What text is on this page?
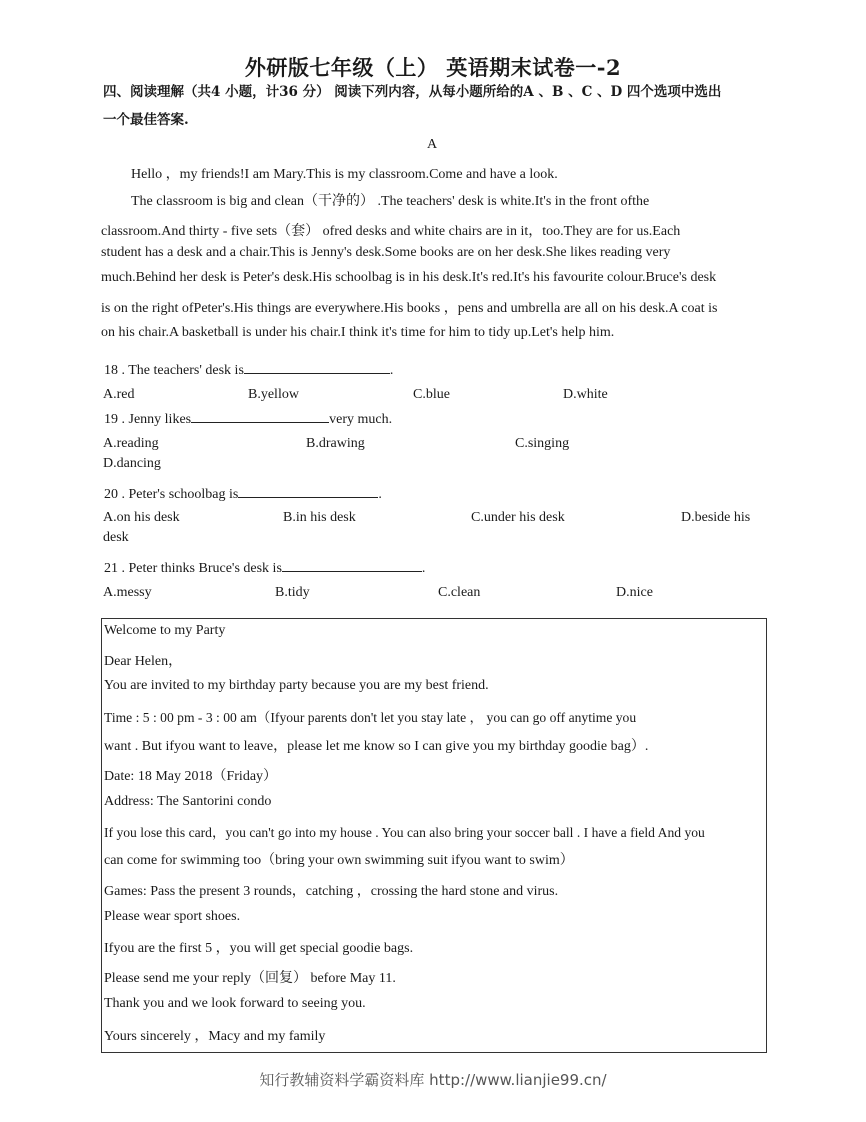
外研版七年级（上） 英语期末试卷一-2
四、阅读理解（共4 小题，计36 分） 阅读下列内容，从每小题所给的A 、B 、C 、D 四个选项中选出
一个最佳答案.
A
Hello ，my friends!I am Mary.This is my classroom.Come and have a look.
The classroom is big and clean（干净的） .The teachers' desk is white.It's in the front ofthe
classroom.And thirty - five sets（套） ofred desks and white chairs are in it，too.They are for us.Each
student has a desk and a chair.This is Jenny's desk.Some books are on her desk.She likes reading very
much.Behind her desk is Peter's desk.His schoolbag is in his desk.It's red.It's his favourite colour.Bruce's desk
is on the right ofPeter's.His things are everywhere.His books ，pens and umbrella are all on his desk.A coat is
on his chair.A basketball is under his chair.I think it's time for him to tidy up.Let's help him.
18 . The teachers' desk is	.
A.red	B.yellow	C.blue	D.white
19 . Jenny likes	very much.
A.reading	B.drawing	C.singing
D.dancing
20 . Peter's schoolbag is	.
A.on his desk	B.in his desk	C.under his desk	D.beside his
desk
21 . Peter thinks Bruce's desk is	.
A.messy	B.tidy	C.clean	D.nice
Welcome to my Party
Dear Helen，
You are invited to my birthday party because you are my best friend.
Time : 5 : 00 pm - 3 : 00 am（Ifyour parents don't let you stay late ， you can go off anytime you
want . But ifyou want to leave，please let me know so I can give you my birthday goodie bag）.
Date: 18 May 2018（Friday）
Address: The Santorini condo
If you lose this card，you can't go into my house . You can also bring your soccer ball . I have a field And you
can come for swimming too（bring your own swimming suit ifyou want to swim）
Games: Pass the present 3 rounds，catching ，crossing the hard stone and virus.
Please wear sport shoes.
Ifyou are the first 5 ，you will get special goodie bags.
Please send me your reply（回复） before May 11.
Thank you and we look forward to seeing you.
Yours sincerely ，Macy and my family
知行教辅资料学霸资料库 http://www.lianjie99.cn/
